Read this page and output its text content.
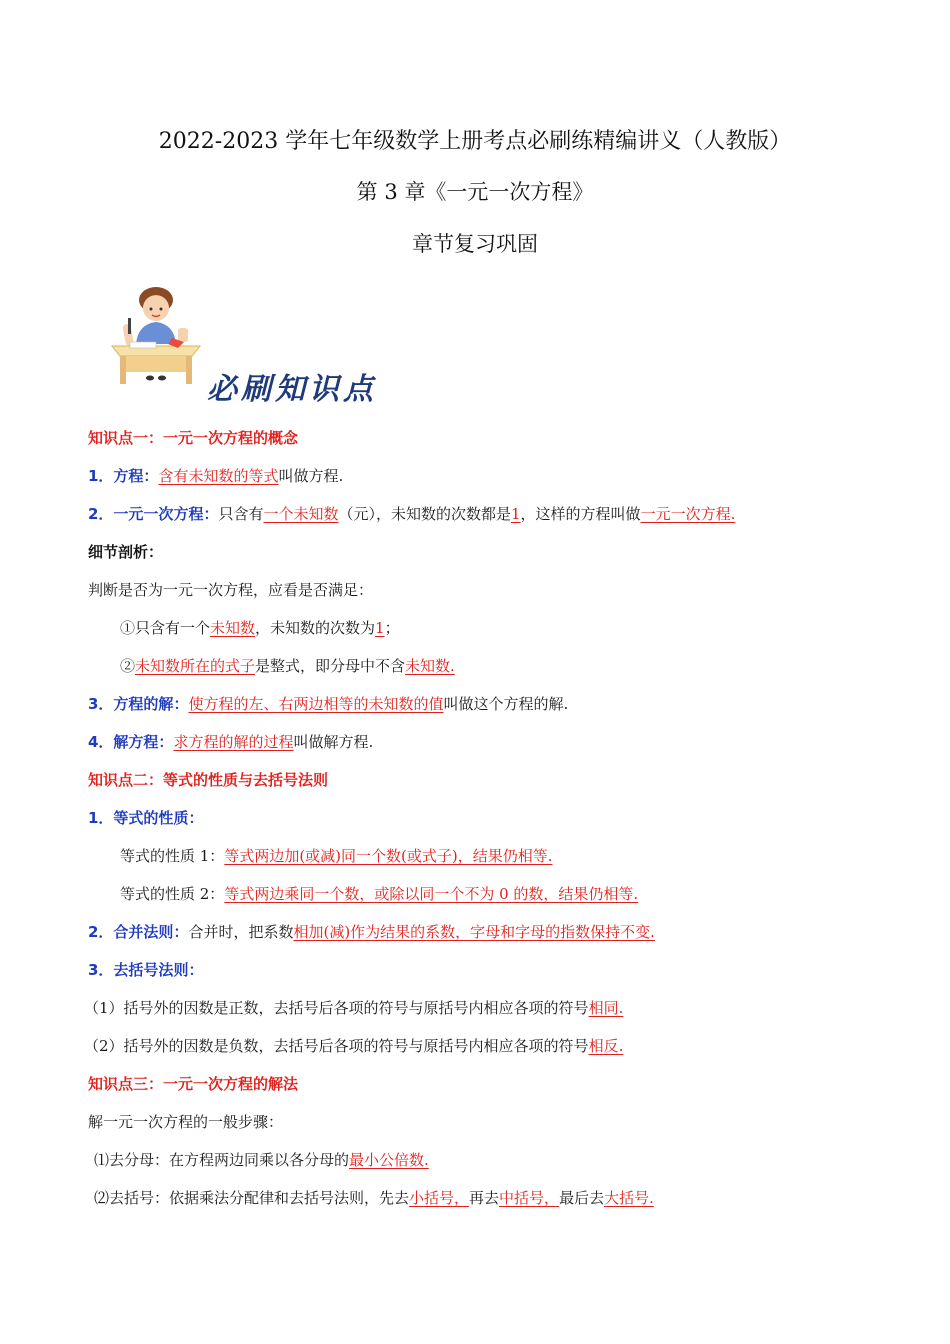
2022-2023 学年七年级数学上册考点必刷练精编讲义（人教版）
第 3 章《一元一次方程》
章节复习巩固
必刷知识点
知识点一：一元一次方程的概念
1．方程：含有未知数的等式叫做方程.
2．一元一次方程：只含有一个未知数（元），未知数的次数都是1，这样的方程叫做一元一次方程.
细节剖析：
判断是否为一元一次方程，应看是否满足：
①只含有一个未知数，未知数的次数为1；
②未知数所在的式子是整式，即分母中不含未知数.
3．方程的解：使方程的左、右两边相等的未知数的值叫做这个方程的解.
4．解方程：求方程的解的过程叫做解方程.
知识点二：等式的性质与去括号法则
1．等式的性质：
等式的性质 1：等式两边加(或减)同一个数(或式子)，结果仍相等.
等式的性质 2：等式两边乘同一个数，或除以同一个不为 0 的数，结果仍相等.
2．合并法则：合并时，把系数相加(减)作为结果的系数，字母和字母的指数保持不变.
3．去括号法则：
（1）括号外的因数是正数，去括号后各项的符号与原括号内相应各项的符号相同.
（2）括号外的因数是负数，去括号后各项的符号与原括号内相应各项的符号相反.
知识点三：一元一次方程的解法
解一元一次方程的一般步骤：
⑴去分母：在方程两边同乘以各分母的最小公倍数.
⑵去括号：依据乘法分配律和去括号法则，先去小括号，再去中括号，最后去大括号.
